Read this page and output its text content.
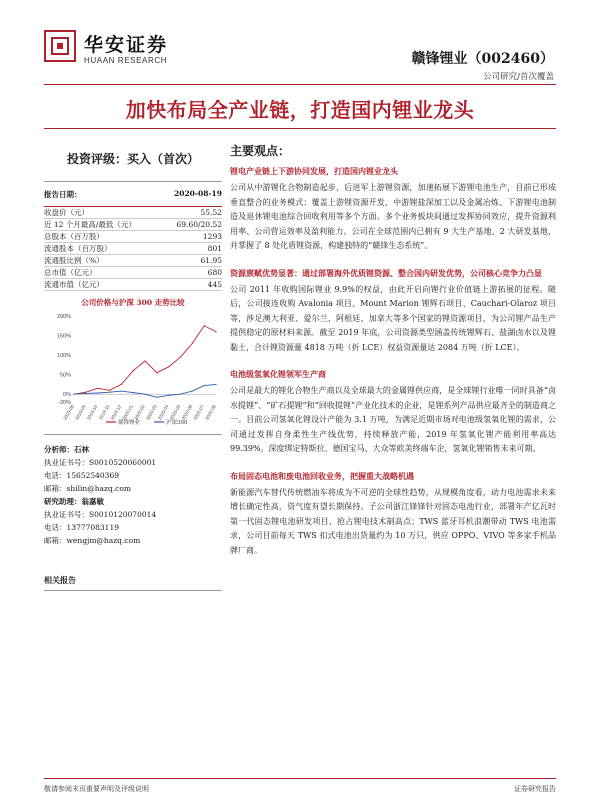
华安证券
HUAAN RESEARCH	赣锋锂业（002460）
公司研究/首次覆盖
加快布局全产业链，打造国内锂业龙头
投资评级：买入（首次）
报告日期：	2020-08-19
收盘价（元）	55.52
近 12 个月最高/最低（元）	69.60/20.52
总股本（百万股）	1293
流通股本（百万股）	801
流通股比例（%）	61.95
总市值（亿元）	680
流通市值（亿元）	445
公司价格与沪深 300 走势比较
200%
150%
100%
50%
0%
-20%
2019-08 2019-09 2019-10 2019-11 2019-12 2020-01 2020-02 2020-03 2020-04 2020-05 2020-06 2020-07 2020-08
赣锋锂业	沪深300
分析师：石林
执业证书号：S0010520060001
电话：15652540369
邮箱：shilin@hazq.com
研究助理：翁嘉敏
执业证书号：S0010120070014
电话：13777083119
邮箱：wengjm@hazq.com
相关报告
主要观点：
锂电产业链上下游协同发展，打造国内锂业龙头
公司从中游锂化合物制造起步，后进军上游锂资源，加速拓展下游锂电池生产，目前已形成垂直整合的业务模式：覆盖上游锂资源开发、中游锂盐深加工以及金属冶炼、下游锂电池制造及退休锂电池综合回收利用等多个方面。多个业务板块间通过发挥协同效应，提升资源利用率、公司营运效率及盈利能力。公司在全球范围内已拥有 9 大生产基地、2 大研发基地，并掌握了 8 处化盾锂资源，构建独特的“赣锋生态系统”。
资源禀赋优势显著：通过部署海外优质锂资源、整合国内研发优势，公司核心竞争力凸显
公司 2011 年收购国际锂业 9.9%的权益，由此开启向锂行业价值链上游拓展的征程。随后，公司接连收购 Avalonia 项目、Mount Marion 锂辉石项目、Cauchari-Olaroz 项目等，涉足澳大利亚、爱尔兰、阿根廷、加拿大等多个国家的锂资源项目，为公司锂产品生产提供稳定的原材料来源。截至 2019 年底，公司资源类型涵盖传统锂辉石、盐湖卤水以及锂黏土，合计锂资源量 4818 万吨（折 LCE）权益资源量达 2084 万吨（折 LCE）。
电池级氢氧化锂领军生产商
公司是最大的锂化合物生产商以及全球最大的金属锂供应商，是全球锂行业唯一同时具备“卤水提锂”、“矿石提锂”和“回收提锂”产业化技术的企业，是锂系列产品供应最齐全的制造商之一。目前公司氢氧化锂设计产能为 3.1 万吨，为满足近期市场对电池级氢氧化锂的需求，公司通过发挥自身柔性生产线优势，持续释放产能，2019 年氢氧化锂产能利用率高达 99.39%。深度绑定特斯拉、德国宝马、大众等欧美终端车企，氢氧化锂销售未来可期。
布局固态电池和废电池回收业务，把握重大战略机遇
新能源汽车替代传统燃油车将成为不可逆的全球性趋势，从规模角度看，动力电池需求未来增长确定性高，资气度有望长期保持。子公司浙江锋锋针对固态电池行业，部署年产亿瓦时第一代固态锂电池研发项目，抢占锂电技术制高点；TWS 蓝牙耳机浪潮带动 TWS 电池需求，公司目前每天 TWS 扣式电池出货量约为 10 万只，供应 OPPO、VIVO 等多家手机品牌厂商。
敬请参阅末页重要声明及评级说明	证券研究报告
